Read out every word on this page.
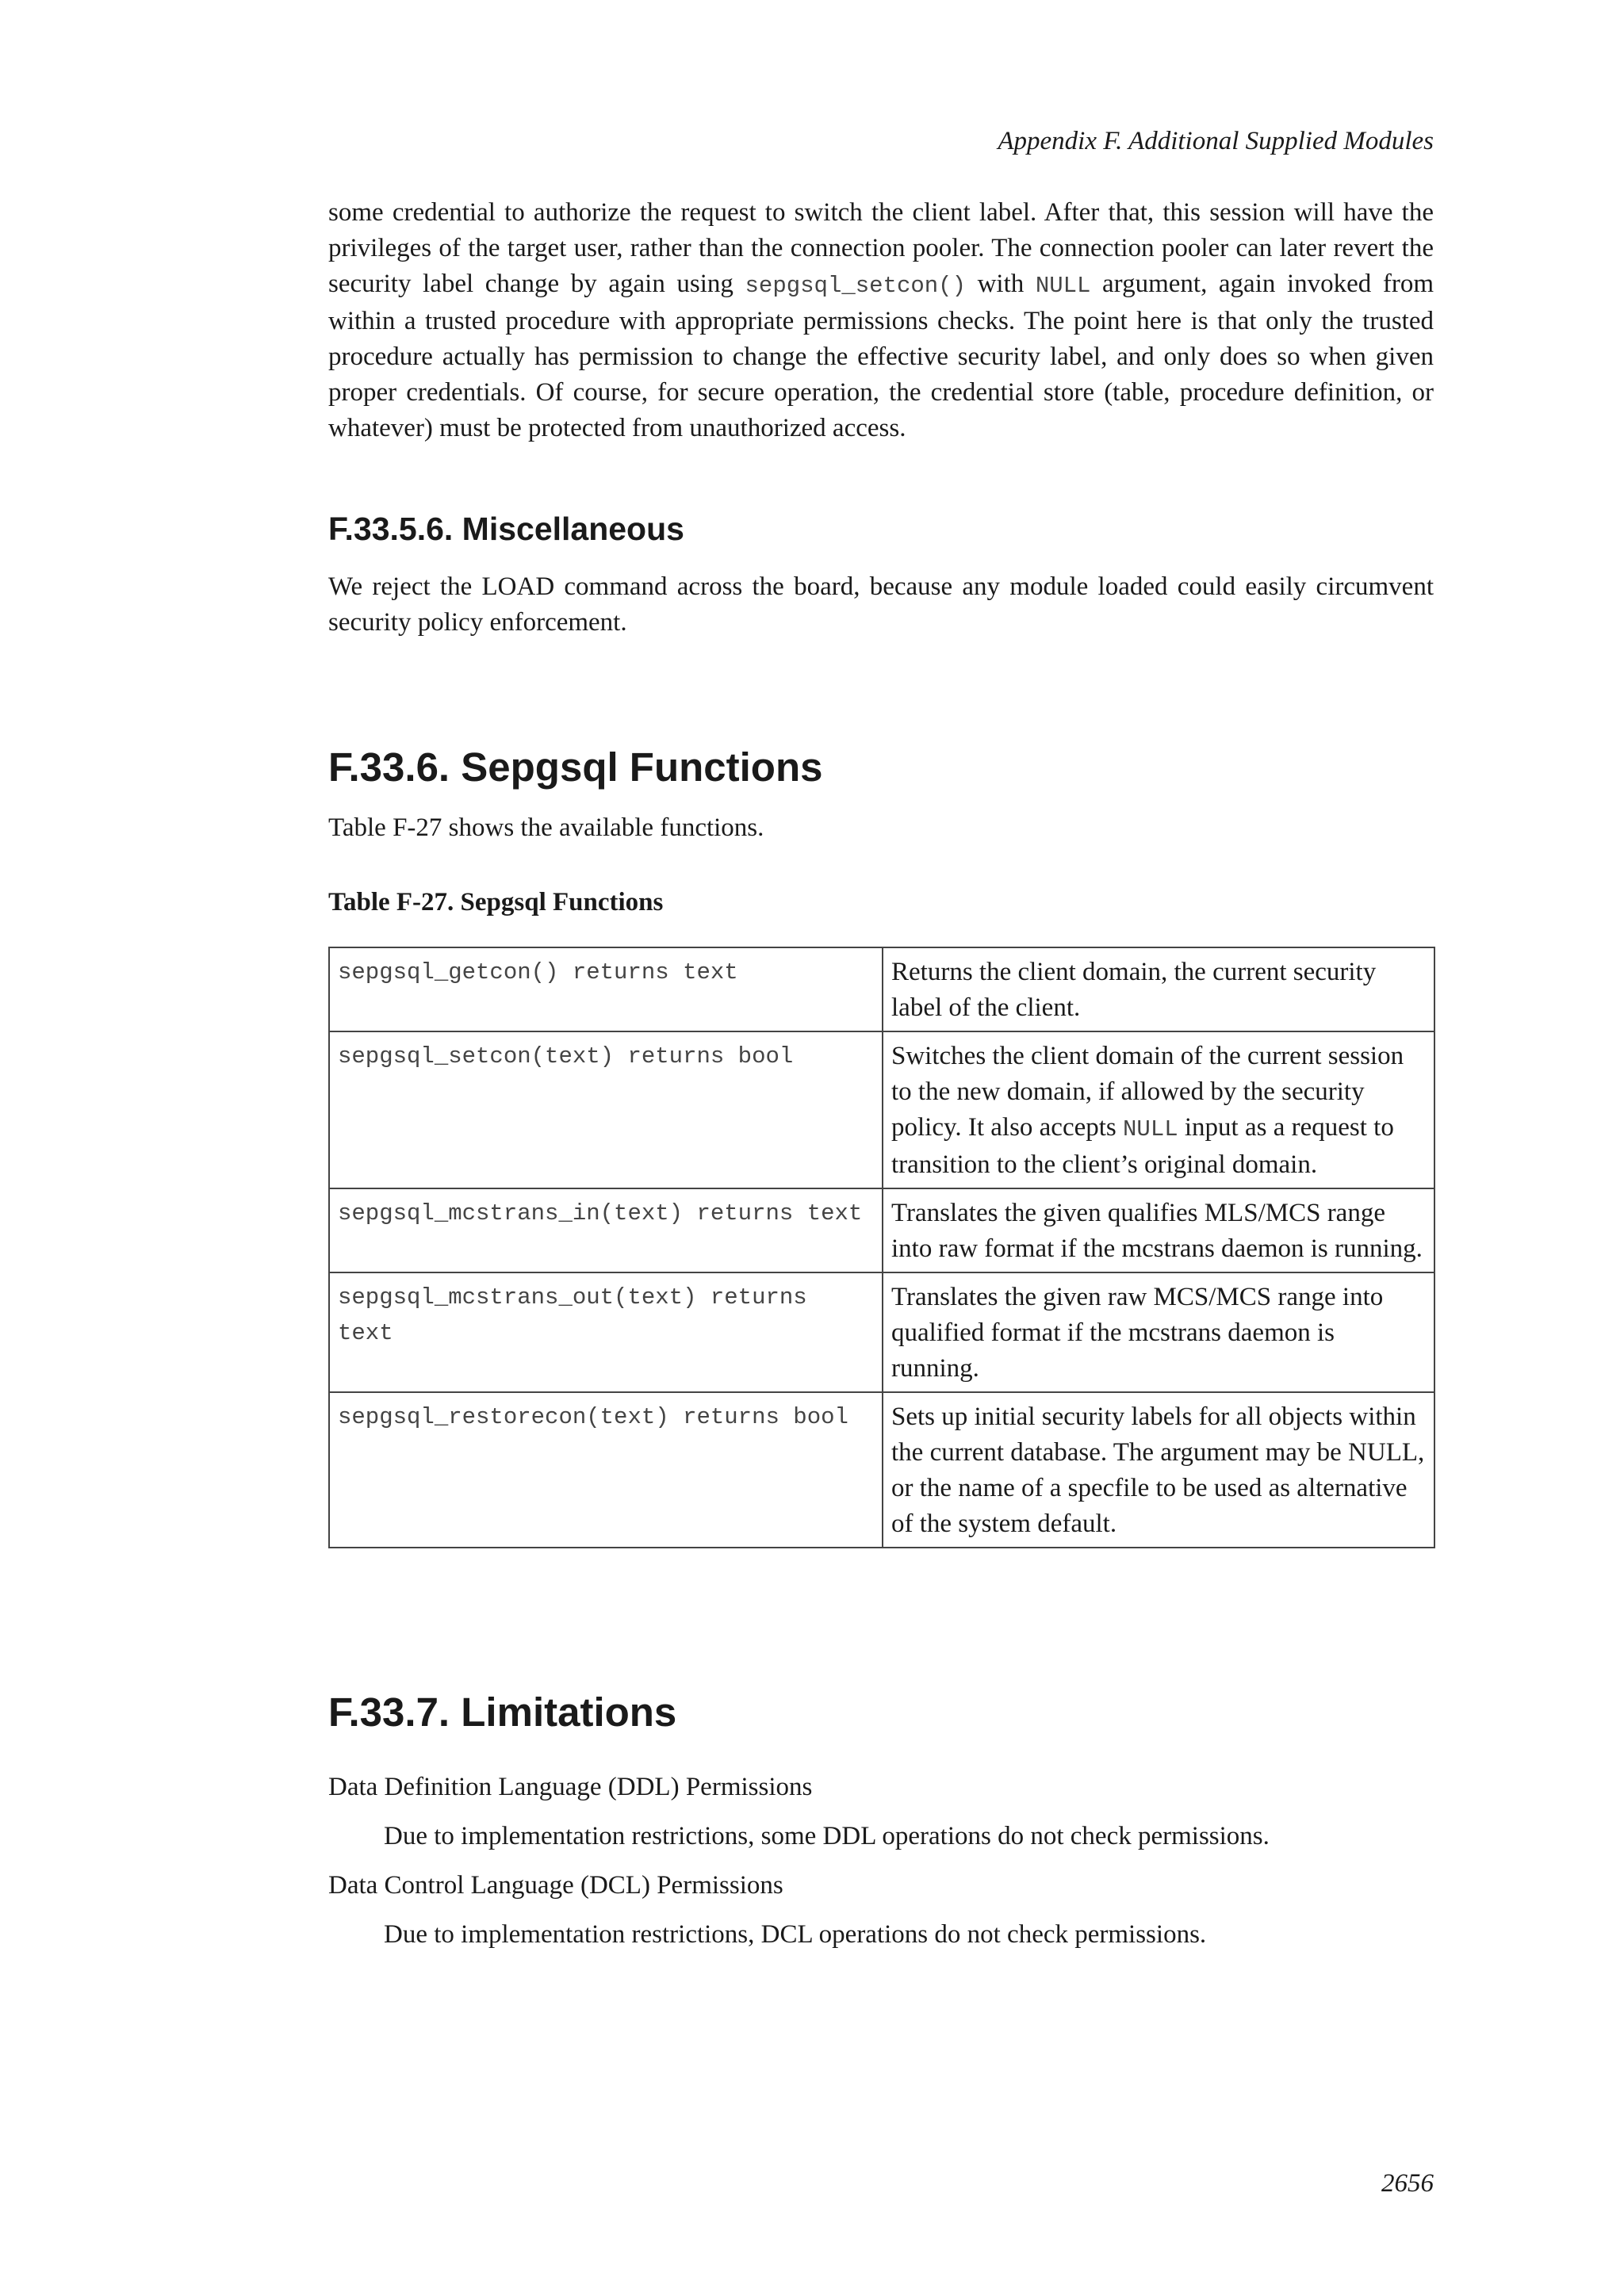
Appendix F. Additional Supplied Modules

some credential to authorize the request to switch the client label. After that, this session will have the privileges of the target user, rather than the connection pooler. The connection pooler can later revert the security label change by again using sepgsql_setcon() with NULL argument, again invoked from within a trusted procedure with appropriate permissions checks. The point here is that only the trusted procedure actually has permission to change the effective security label, and only does so when given proper credentials. Of course, for secure operation, the credential store (table, procedure definition, or whatever) must be protected from unauthorized access.

F.33.5.6. Miscellaneous

We reject the LOAD command across the board, because any module loaded could easily circumvent security policy enforcement.

F.33.6. Sepgsql Functions

Table F-27 shows the available functions.

Table F-27. Sepgsql Functions

sepgsql_getcon() returns text	Returns the client domain, the current security label of the client.
sepgsql_setcon(text) returns bool	Switches the client domain of the current session to the new domain, if allowed by the security policy. It also accepts NULL input as a request to transition to the client’s original domain.
sepgsql_mcstrans_in(text) returns text	Translates the given qualifies MLS/MCS range into raw format if the mcstrans daemon is running.
sepgsql_mcstrans_out(text) returns text	Translates the given raw MCS/MCS range into qualified format if the mcstrans daemon is running.
sepgsql_restorecon(text) returns bool	Sets up initial security labels for all objects within the current database. The argument may be NULL, or the name of a specfile to be used as alternative of the system default.
F.33.7. Limitations

Data Definition Language (DDL) Permissions

Due to implementation restrictions, some DDL operations do not check permissions.

Data Control Language (DCL) Permissions

Due to implementation restrictions, DCL operations do not check permissions.

2656
